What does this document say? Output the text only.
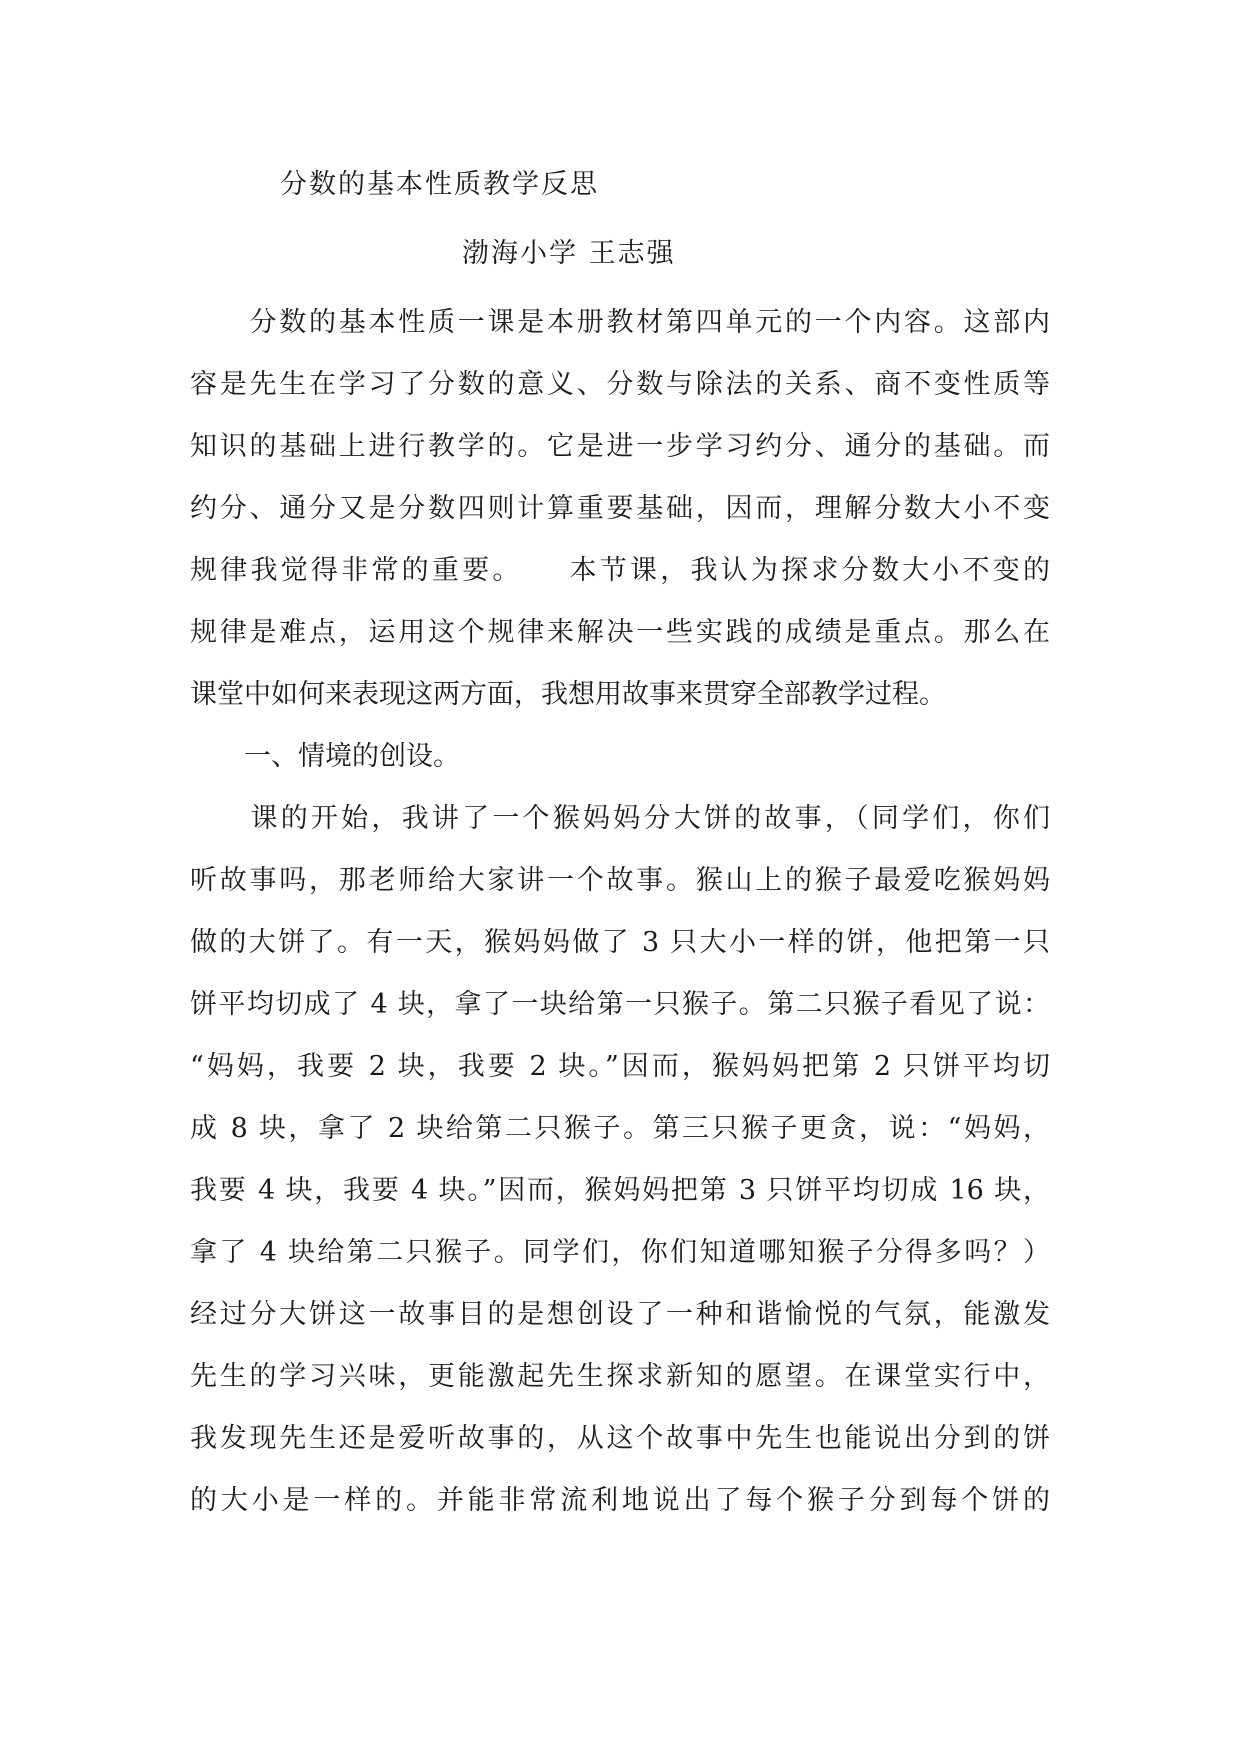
分数的基本性质教学反思
渤海小学 王志强
　　分数的基本性质一课是本册教材第四单元的一个内容。这部内
容是先生在学习了分数的意义、分数与除法的关系、商不变性质等
知识的基础上进行教学的。它是进一步学习约分、通分的基础。而
约分、通分又是分数四则计算重要基础，因而，理解分数大小不变
规律我觉得非常的重要。　　本节课，我认为探求分数大小不变的
规律是难点，运用这个规律来解决一些实践的成绩是重点。那么在
课堂中如何来表现这两方面，我想用故事来贯穿全部教学过程。
　　一、情境的创设。
　　课的开始，我讲了一个猴妈妈分大饼的故事，（同学们，你们
听故事吗，那老师给大家讲一个故事。猴山上的猴子最爱吃猴妈妈
做的大饼了。有一天，猴妈妈做了 3 只大小一样的饼，他把第一只
饼平均切成了 4 块，拿了一块给第一只猴子。第二只猴子看见了说：
“妈妈，我要 2 块，我要 2 块。”因而，猴妈妈把第 2 只饼平均切
成 8 块，拿了 2 块给第二只猴子。第三只猴子更贪，说：“妈妈，
我要 4 块，我要 4 块。”因而，猴妈妈把第 3 只饼平均切成 16 块，
拿了 4 块给第二只猴子。同学们，你们知道哪知猴子分得多吗？）
经过分大饼这一故事目的是想创设了一种和谐愉悦的气氛，能激发
先生的学习兴味，更能激起先生探求新知的愿望。在课堂实行中，
我发现先生还是爱听故事的，从这个故事中先生也能说出分到的饼
的大小是一样的。并能非常流利地说出了每个猴子分到每个饼的
